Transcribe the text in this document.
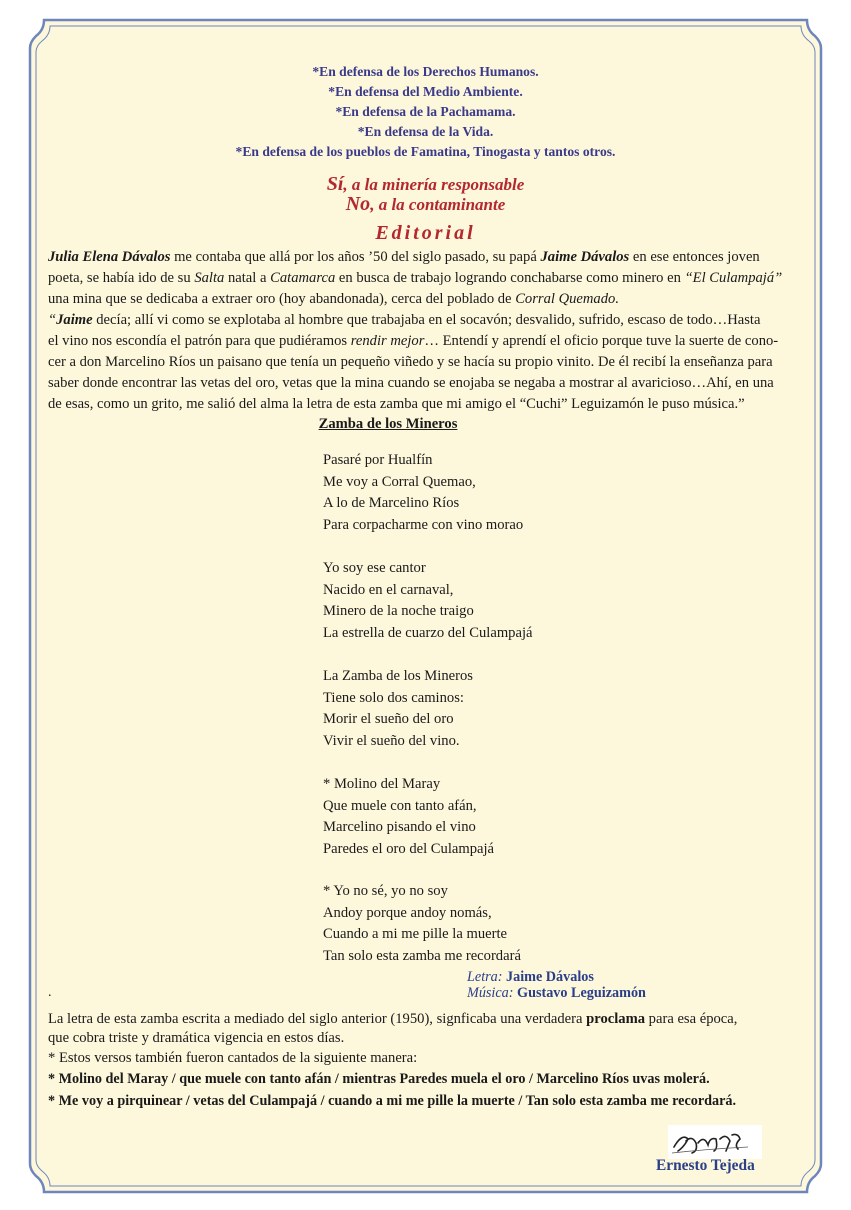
*En defensa de los Derechos Humanos.
*En defensa del Medio Ambiente.
*En defensa de la Pachamama.
*En defensa de la Vida.
*En defensa de los pueblos de Famatina, Tinogasta y tantos otros.
Sí, a la minería responsable
No, a la contaminante
Editorial
Julia Elena Dávalos me contaba que allá por los años ’50 del siglo pasado, su papá Jaime Dávalos en ese entonces joven
poeta, se había ido de su Salta natal a Catamarca en busca de trabajo logrando conchabarse como minero en “El Culampajá”
una mina que se dedicaba a extraer oro (hoy abandonada), cerca del poblado de Corral Quemado.
“Jaime decía; allí vi como se explotaba al hombre que trabajaba en el socavón; desvalido, sufrido, escaso de todo…Hasta
el vino nos escondía el patrón para que pudiéramos rendir mejor… Entendí y aprendí el oficio porque tuve la suerte de cono-
cer a don Marcelino Ríos un paisano que tenía un pequeño viñedo y se hacía su propio vinito. De él recibí la enseñanza para
saber donde encontrar las vetas del oro, vetas que la mina cuando se enojaba se negaba a mostrar al avaricioso…Ahí, en una
de esas, como un grito, me salió del alma la letra de esta zamba que mi amigo el “Cuchi” Leguizamón le puso música.”
Zamba de los Mineros
Pasaré por Hualfín
Me voy a Corral Quemao,
A lo de Marcelino Ríos
Para corpacharme con vino morao
Yo soy ese cantor
Nacido en el carnaval,
Minero de la noche traigo
La estrella de cuarzo del Culampajá
La Zamba de los Mineros
Tiene solo dos caminos:
Morir el sueño del oro
Vivir el sueño del vino.
* Molino del Maray
Que muele con tanto afán,
Marcelino pisando el vino
Paredes el oro del Culampajá
* Yo no sé, yo no soy
Andoy porque andoy nomás,
Cuando a mi me pille la muerte
Tan solo esta zamba me recordará
Letra: Jaime Dávalos
Música: Gustavo Leguizamón
.
La letra de esta zamba escrita a mediado del siglo anterior (1950), signficaba una verdadera proclama para esa época,
que cobra triste y dramática vigencia en estos días.
* Estos versos también fueron cantados de la siguiente manera:
* Molino del Maray / que muele con tanto afán / mientras Paredes muela el oro / Marcelino Ríos uvas molerá.
* Me voy a pirquinear / vetas del Culampajá / cuando a mi me pille la muerte / Tan solo esta zamba me recordará.
Ernesto Tejeda
